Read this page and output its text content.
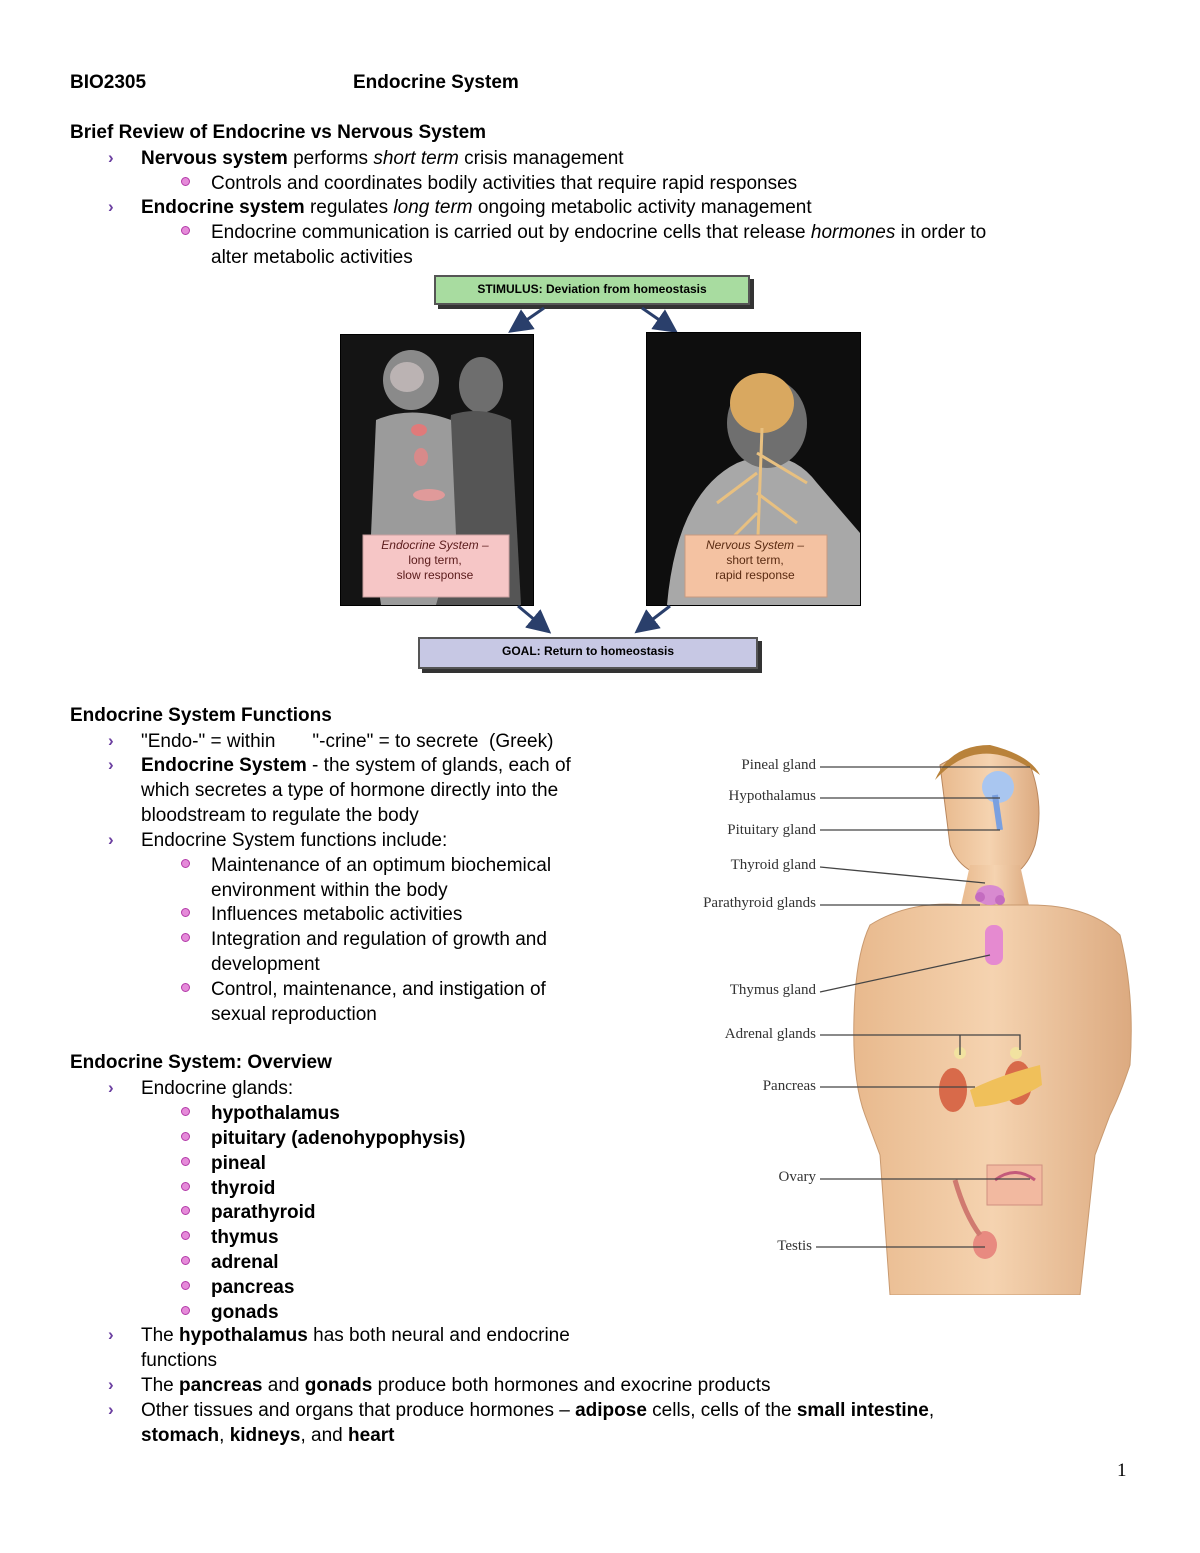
BIO2305	Endocrine System
Brief Review of Endocrine vs Nervous System
› Nervous system performs short term crisis management
Controls and coordinates bodily activities that require rapid responses
› Endocrine system regulates long term ongoing metabolic activity management
Endocrine communication is carried out by endocrine cells that release hormones in order to
alter metabolic activities
STIMULUS: Deviation from homeostasis
Endocrine System –
long term,
slow response
Nervous System –
short term,
rapid response
GOAL: Return to homeostasis
Endocrine System Functions
› "Endo-" = within       "-crine" = to secrete  (Greek)
› Endocrine System - the system of glands, each of
which secretes a type of hormone directly into the
bloodstream to regulate the body
› Endocrine System functions include:
Maintenance of an optimum biochemical
environment within the body
Influences metabolic activities
Integration and regulation of growth and
development
Control, maintenance, and instigation of
sexual reproduction
Endocrine System: Overview
› Endocrine glands:
hypothalamus
pituitary (adenohypophysis)
pineal
thyroid
parathyroid
thymus
adrenal
pancreas
gonads
› The hypothalamus has both neural and endocrine
functions
› The pancreas and gonads produce both hormones and exocrine products
› Other tissues and organs that produce hormones – adipose cells, cells of the small intestine,
stomach, kidneys, and heart
Pineal gland
Hypothalamus
Pituitary gland
Thyroid gland
Parathyroid glands
Thymus gland
Adrenal glands
Pancreas
Ovary
Testis
1
